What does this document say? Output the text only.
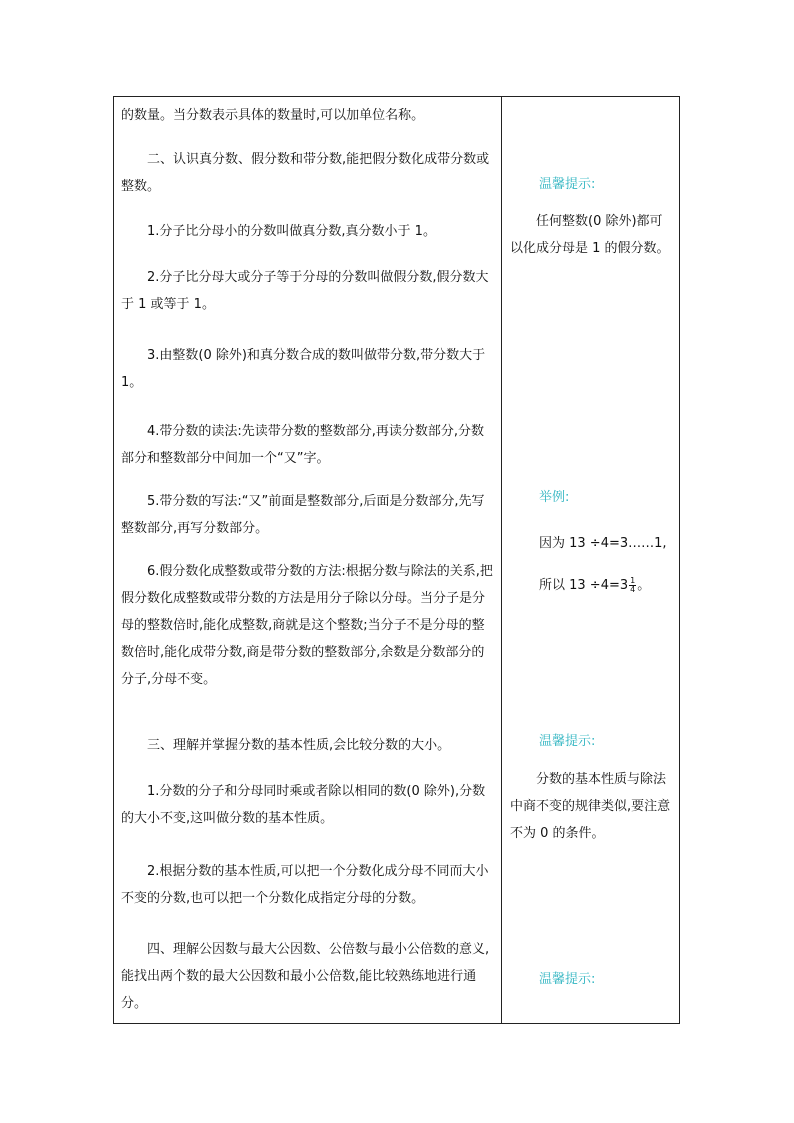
的数量。当分数表示具体的数量时,可以加单位名称。

二、认识真分数、假分数和带分数,能把假分数化成带分数或整数。

1.分子比分母小的分数叫做真分数,真分数小于 1。

2.分子比分母大或分子等于分母的分数叫做假分数,假分数大于 1 或等于 1。

3.由整数(0 除外)和真分数合成的数叫做带分数,带分数大于 1。

4.带分数的读法:先读带分数的整数部分,再读分数部分,分数部分和整数部分中间加一个“又”字。

5.带分数的写法:“又”前面是整数部分,后面是分数部分,先写整数部分,再写分数部分。

6.假分数化成整数或带分数的方法:根据分数与除法的关系,把假分数化成整数或带分数的方法是用分子除以分母。当分子是分母的整数倍时,能化成整数,商就是这个整数;当分子不是分母的整数倍时,能化成带分数,商是带分数的整数部分,余数是分数部分的分子,分母不变。

三、理解并掌握分数的基本性质,会比较分数的大小。

1.分数的分子和分母同时乘或者除以相同的数(0 除外),分数的大小不变,这叫做分数的基本性质。

2.根据分数的基本性质,可以把一个分数化成分母不同而大小不变的分数,也可以把一个分数化成指定分母的分数。

四、理解公因数与最大公因数、公倍数与最小公倍数的意义,能找出两个数的最大公因数和最小公倍数,能比较熟练地进行通分。

温馨提示:

任何整数(0 除外)都可以化成分母是 1 的假分数。

举例:

因为 13 ÷4=3……1,

所以 $13 \div 4=3 \frac{1}{4}$ 。

温馨提示:

分数的基本性质与除法中商不变的规律类似,要注意不为 0 的条件。

温馨提示:
